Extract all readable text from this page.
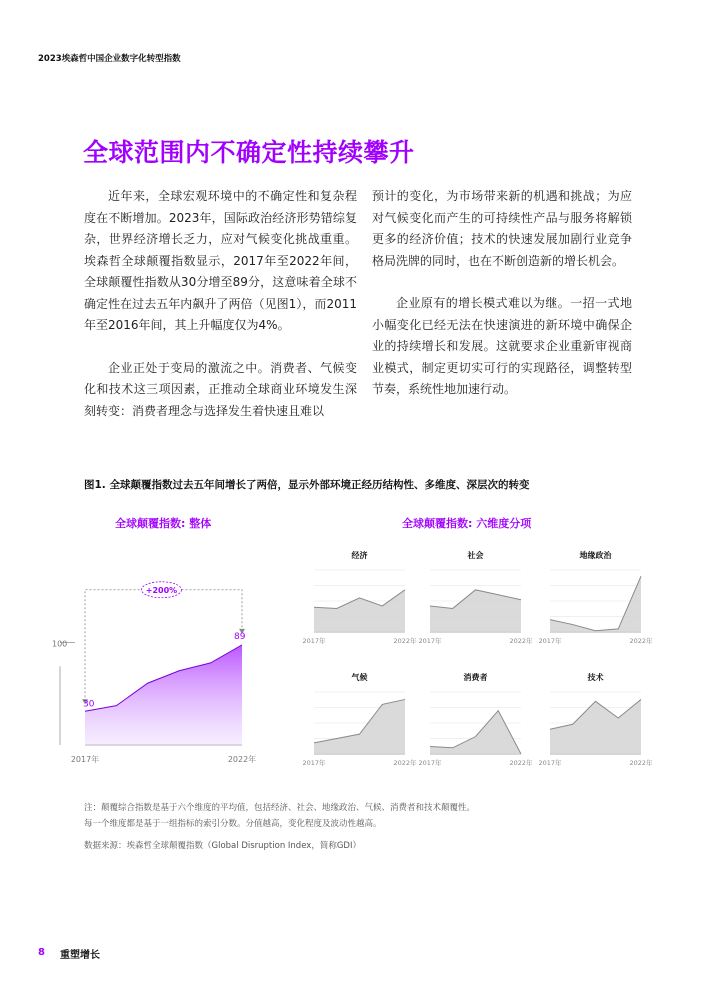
2023埃森哲中国企业数字化转型指数
全球范围内不确定性持续攀升

近年来，全球宏观环境中的不确定性和复杂程度在不断增加。2023年，国际政治经济形势错综复杂，世界经济增长乏力，应对气候变化挑战重重。埃森哲全球颠覆指数显示，2017年至2022年间，全球颠覆性指数从30分增至89分，这意味着全球不确定性在过去五年内飙升了两倍（见图1），而2011年至2016年间，其上升幅度仅为4%。

企业正处于变局的激流之中。消费者、气候变化和技术这三项因素，正推动全球商业环境发生深刻转变：消费者理念与选择发生着快速且难以

预计的变化，为市场带来新的机遇和挑战；为应对气候变化而产生的可持续性产品与服务将解锁更多的经济价值；技术的快速发展加剧行业竞争格局洗牌的同时，也在不断创造新的增长机会。

企业原有的增长模式难以为继。一招一式地小幅变化已经无法在快速演进的新环境中确保企业的持续增长和发展。这就要求企业重新审视商业模式，制定更切实可行的实现路径，调整转型节奏，系统性地加速行动。

图1. 全球颠覆指数过去五年间增长了两倍，显示外部环境正经历结构性、多维度、深层次的转变
全球颠覆指数: 整体	全球颠覆指数: 六维度分项
100
+200%
30
89
2017年	2022年
经济
2017年	2022年
社会
2017年	2022年
地缘政治
2017年	2022年
气候
2017年	2022年
消费者
2017年	2022年
技术
2017年	2022年
注：颠覆综合指数是基于六个维度的平均值，包括经济、社会、地缘政治、气候、消费者和技术颠覆性。
每一个维度都是基于一组指标的索引分数。分值越高，变化程度及波动性越高。
数据来源：埃森哲全球颠覆指数（Global Disruption Index，简称GDI）
8 重塑增长
